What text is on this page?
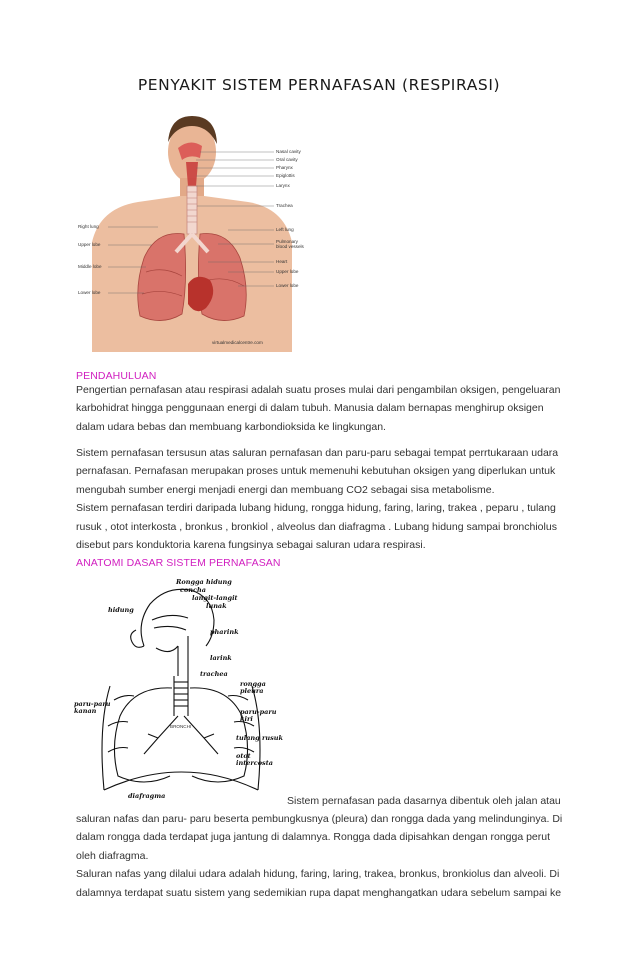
PENYAKIT SISTEM PERNAFASAN (RESPIRASI)
Nasal cavity
Oral cavity
Pharynx
Epiglottis
Larynx
Trachea
Left lung
Pulmonary
blood vessels
Heart
Upper lobe
Lower lobe
Right lung
Upper lobe
Middle lobe
Lower lobe
virtualmedicalcentre.com
PENDAHULUAN

Pengertian pernafasan atau respirasi adalah suatu proses mulai dari pengambilan oksigen, pengeluaran
karbohidrat hingga penggunaan energi di dalam tubuh. Manusia dalam bernapas menghirup oksigen
dalam udara bebas dan membuang karbondioksida ke lingkungan.

Sistem pernafasan tersusun atas saluran pernafasan dan paru-paru sebagai tempat perrtukaraan udara
pernafasan. Pernafasan merupakan proses untuk memenuhi kebutuhan oksigen yang diperlukan untuk
mengubah sumber energi menjadi energi dan membuang CO2 sebagai sisa metabolisme.
Sistem pernafasan terdiri daripada lubang hidung, rongga hidung, faring, laring, trakea , peparu , tulang
rusuk , otot interkosta , bronkus , bronkiol , alveolus dan diafragma . Lubang hidung sampai bronchiolus
disebut pars konduktoria karena fungsinya sebagai saluran udara respirasi.

ANATOMI DASAR SISTEM PERNAFASAN
Rongga hidung
concha
langit-langit
lunak
hidung
pharink
larink
trachea
rongga
pleura
paru-paru
kanan	paru-paru
kiri
tulang rusuk
otot
intercosta
diafragma
BRONCHI

Sistem pernafasan pada dasarnya dibentuk oleh jalan atau

saluran nafas dan paru- paru beserta pembungkusnya (pleura) dan rongga dada yang melindunginya. Di
dalam rongga dada terdapat juga jantung di dalamnya. Rongga dada dipisahkan dengan rongga perut
oleh diafragma.
Saluran nafas yang dilalui udara adalah hidung, faring, laring, trakea, bronkus, bronkiolus dan alveoli. Di
dalamnya terdapat suatu sistem yang sedemikian rupa dapat menghangatkan udara sebelum sampai ke
